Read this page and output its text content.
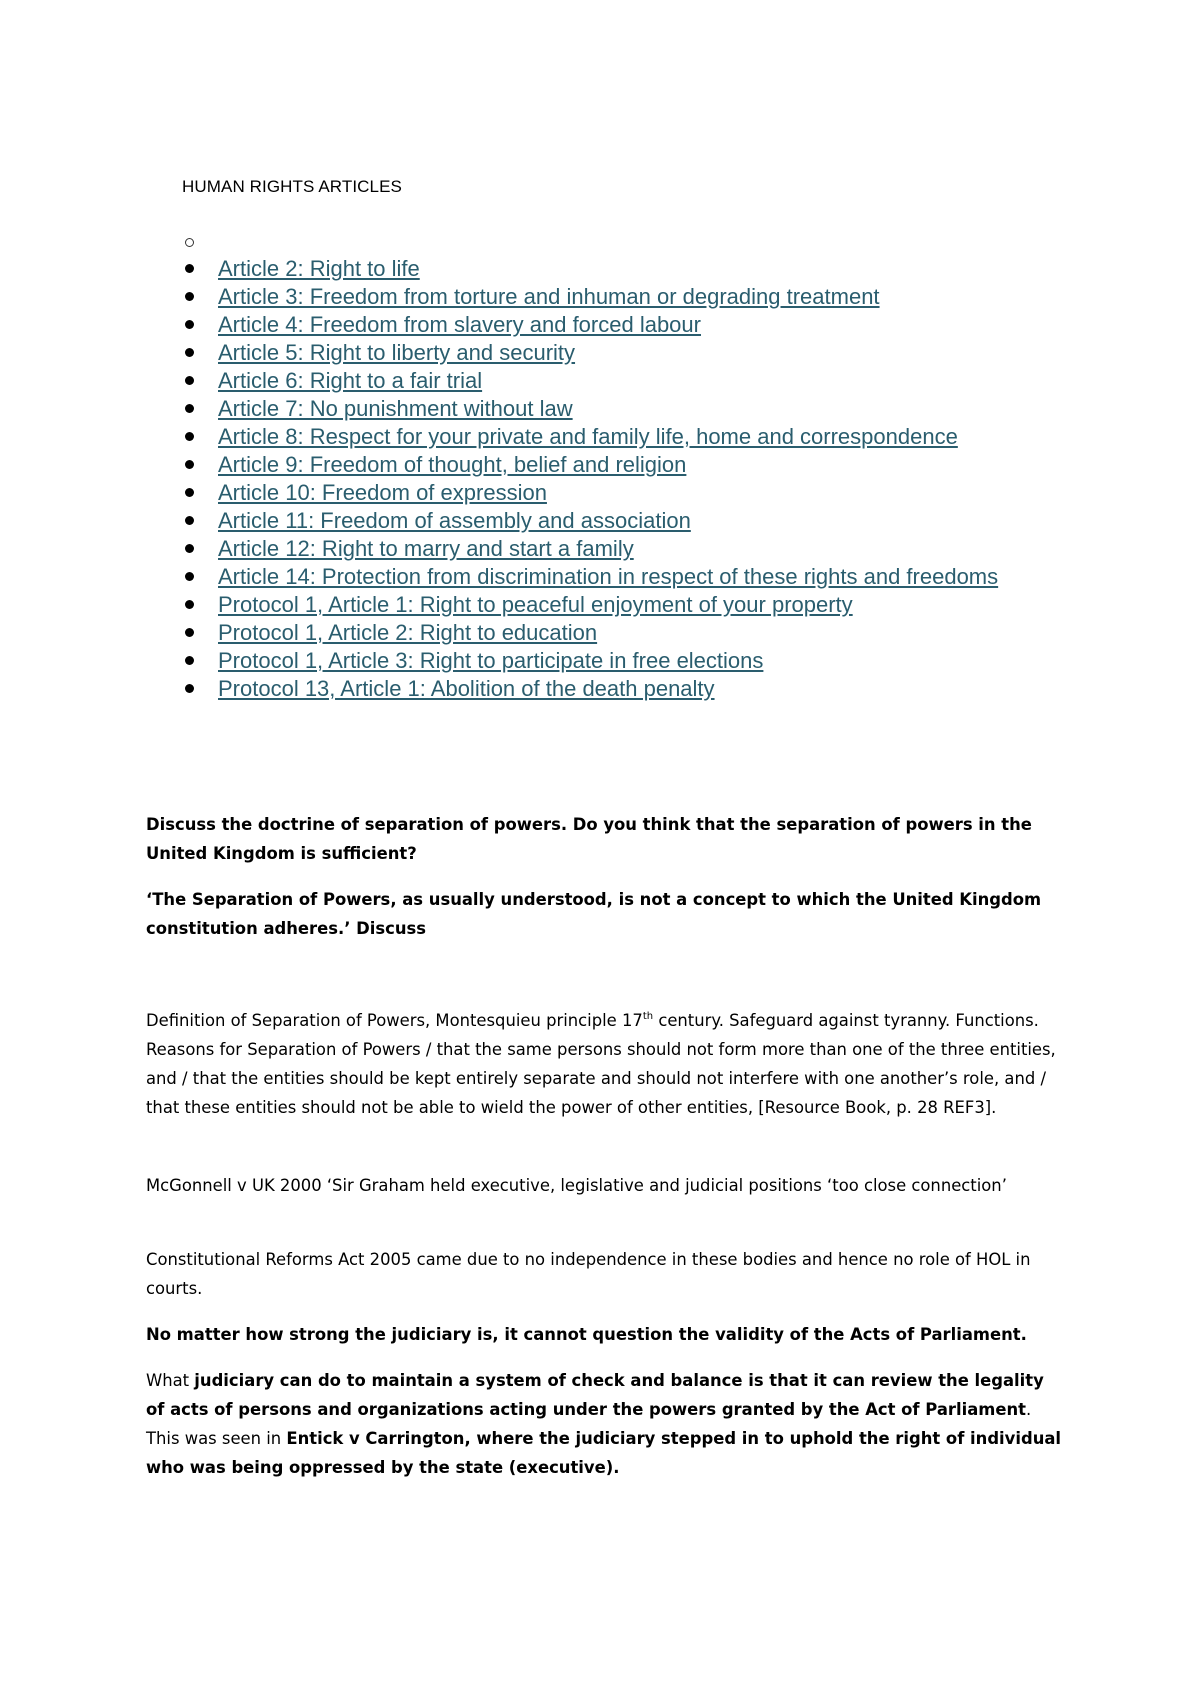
HUMAN RIGHTS ARTICLES
Article 2: Right to life
Article 3: Freedom from torture and inhuman or degrading treatment
Article 4: Freedom from slavery and forced labour
Article 5: Right to liberty and security
Article 6: Right to a fair trial
Article 7: No punishment without law
Article 8: Respect for your private and family life, home and correspondence
Article 9: Freedom of thought, belief and religion
Article 10: Freedom of expression
Article 11: Freedom of assembly and association
Article 12: Right to marry and start a family
Article 14: Protection from discrimination in respect of these rights and freedoms
Protocol 1, Article 1: Right to peaceful enjoyment of your property
Protocol 1, Article 2: Right to education
Protocol 1, Article 3: Right to participate in free elections
Protocol 13, Article 1: Abolition of the death penalty

Discuss the doctrine of separation of powers. Do you think that the separation of powers in the United Kingdom is sufficient?

‘The Separation of Powers, as usually understood, is not a concept to which the United Kingdom constitution adheres.’ Discuss

Definition of Separation of Powers, Montesquieu principle 17th century. Safeguard against tyranny. Functions. Reasons for Separation of Powers / that the same persons should not form more than one of the three entities, and / that the entities should be kept entirely separate and should not interfere with one another’s role, and / that these entities should not be able to wield the power of other entities, [Resource Book, p. 28 REF3].

McGonnell v UK 2000 ‘Sir Graham held executive, legislative and judicial positions ‘too close connection’

Constitutional Reforms Act 2005 came due to no independence in these bodies and hence no role of HOL in courts.

No matter how strong the judiciary is, it cannot question the validity of the Acts of Parliament.

What judiciary can do to maintain a system of check and balance is that it can review the legality of acts of persons and organizations acting under the powers granted by the Act of Parliament. This was seen in Entick v Carrington, where the judiciary stepped in to uphold the right of individual who was being oppressed by the state (executive).
